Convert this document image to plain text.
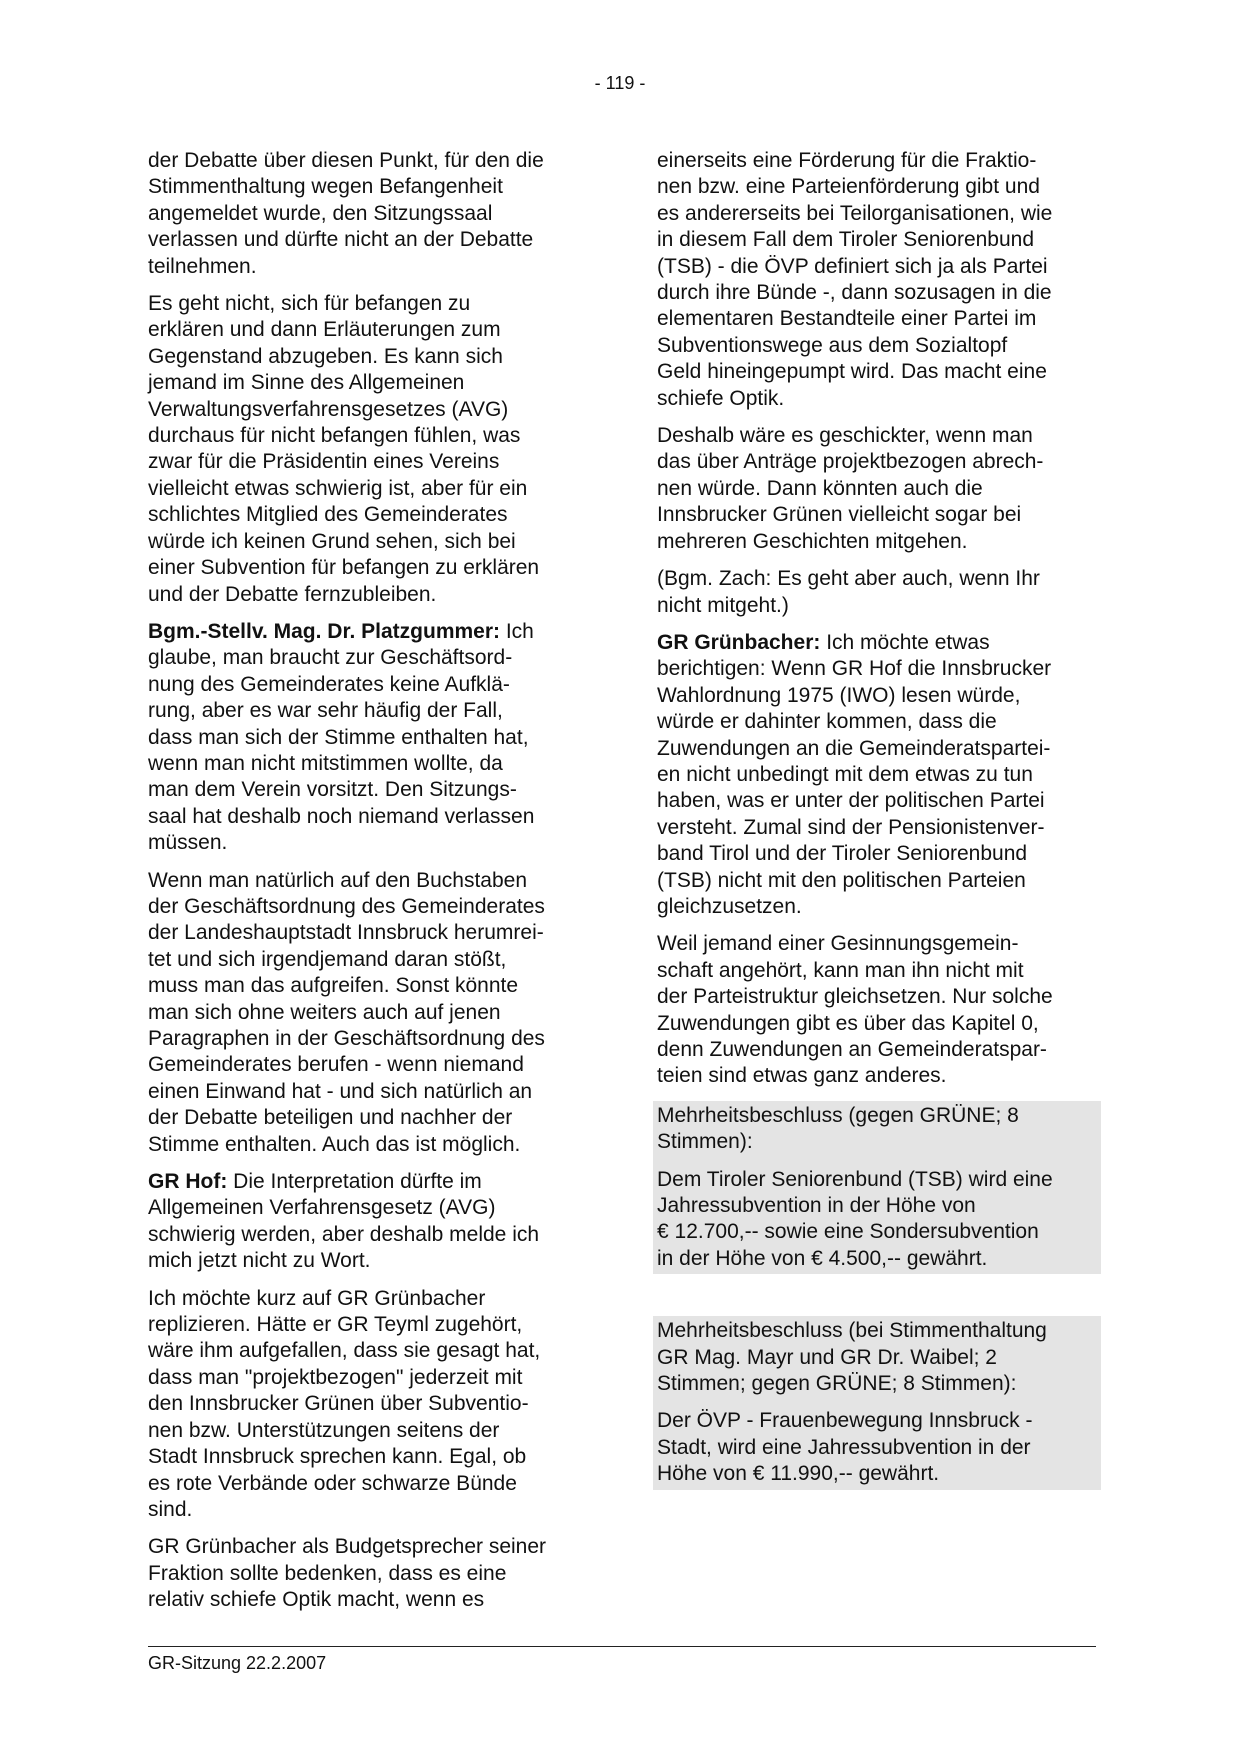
- 119 -

der Debatte über diesen Punkt, für den die
Stimmenthaltung wegen Befangenheit
angemeldet wurde, den Sitzungssaal
verlassen und dürfte nicht an der Debatte
teilnehmen.

Es geht nicht, sich für befangen zu
erklären und dann Erläuterungen zum
Gegenstand abzugeben. Es kann sich
jemand im Sinne des Allgemeinen
Verwaltungsverfahrensgesetzes (AVG)
durchaus für nicht befangen fühlen, was
zwar für die Präsidentin eines Vereins
vielleicht etwas schwierig ist, aber für ein
schlichtes Mitglied des Gemeinderates
würde ich keinen Grund sehen, sich bei
einer Subvention für befangen zu erklären
und der Debatte fernzubleiben.

Bgm.-Stellv. Mag. Dr. Platzgummer: Ich
glaube, man braucht zur Geschäftsord-
nung des Gemeinderates keine Aufklä-
rung, aber es war sehr häufig der Fall,
dass man sich der Stimme enthalten hat,
wenn man nicht mitstimmen wollte, da
man dem Verein vorsitzt. Den Sitzungs-
saal hat deshalb noch niemand verlassen
müssen.

Wenn man natürlich auf den Buchstaben
der Geschäftsordnung des Gemeinderates
der Landeshauptstadt Innsbruck herumrei-
tet und sich irgendjemand daran stößt,
muss man das aufgreifen. Sonst könnte
man sich ohne weiters auch auf jenen
Paragraphen in der Geschäftsordnung des
Gemeinderates berufen - wenn niemand
einen Einwand hat - und sich natürlich an
der Debatte beteiligen und nachher der
Stimme enthalten. Auch das ist möglich.

GR Hof: Die Interpretation dürfte im
Allgemeinen Verfahrensgesetz (AVG)
schwierig werden, aber deshalb melde ich
mich jetzt nicht zu Wort.

Ich möchte kurz auf GR Grünbacher
replizieren. Hätte er GR Teyml zugehört,
wäre ihm aufgefallen, dass sie gesagt hat,
dass man "projektbezogen" jederzeit mit
den Innsbrucker Grünen über Subventio-
nen bzw. Unterstützungen seitens der
Stadt Innsbruck sprechen kann. Egal, ob
es rote Verbände oder schwarze Bünde
sind.

GR Grünbacher als Budgetsprecher seiner
Fraktion sollte bedenken, dass es eine
relativ schiefe Optik macht, wenn es

einerseits eine Förderung für die Fraktio-
nen bzw. eine Parteienförderung gibt und
es andererseits bei Teilorganisationen, wie
in diesem Fall dem Tiroler Seniorenbund
(TSB) - die ÖVP definiert sich ja als Partei
durch ihre Bünde -, dann sozusagen in die
elementaren Bestandteile einer Partei im
Subventionswege aus dem Sozialtopf
Geld hineingepumpt wird. Das macht eine
schiefe Optik.

Deshalb wäre es geschickter, wenn man
das über Anträge projektbezogen abrech-
nen würde. Dann könnten auch die
Innsbrucker Grünen vielleicht sogar bei
mehreren Geschichten mitgehen.

(Bgm. Zach: Es geht aber auch, wenn Ihr
nicht mitgeht.)

GR Grünbacher: Ich möchte etwas
berichtigen: Wenn GR Hof die Innsbrucker
Wahlordnung 1975 (IWO) lesen würde,
würde er dahinter kommen, dass die
Zuwendungen an die Gemeinderatspartei-
en nicht unbedingt mit dem etwas zu tun
haben, was er unter der politischen Partei
versteht. Zumal sind der Pensionistenver-
band Tirol und der Tiroler Seniorenbund
(TSB) nicht mit den politischen Parteien
gleichzusetzen.

Weil jemand einer Gesinnungsgemein-
schaft angehört, kann man ihn nicht mit
der Parteistruktur gleichsetzen. Nur solche
Zuwendungen gibt es über das Kapitel 0,
denn Zuwendungen an Gemeinderatspar-
teien sind etwas ganz anderes.

Mehrheitsbeschluss (gegen GRÜNE; 8
Stimmen):

Dem Tiroler Seniorenbund (TSB) wird eine
Jahressubvention in der Höhe von
€ 12.700,-- sowie eine Sondersubvention
in der Höhe von € 4.500,-- gewährt.

Mehrheitsbeschluss (bei Stimmenthaltung
GR Mag. Mayr und GR Dr. Waibel; 2
Stimmen; gegen GRÜNE; 8 Stimmen):

Der ÖVP - Frauenbewegung Innsbruck -
Stadt, wird eine Jahressubvention in der
Höhe von € 11.990,-- gewährt.

GR-Sitzung 22.2.2007
